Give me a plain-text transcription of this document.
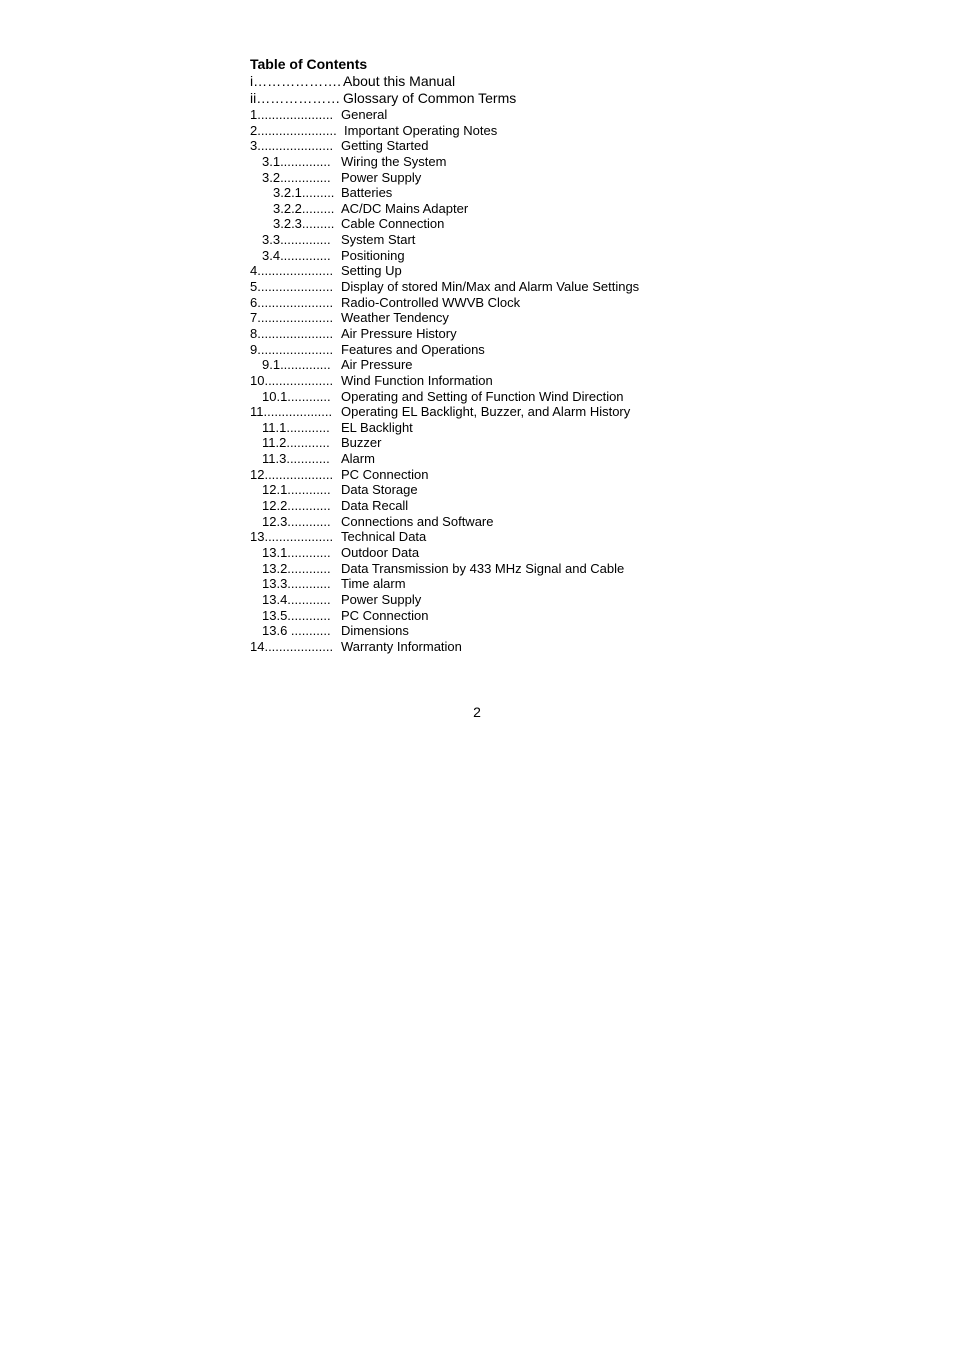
Table of Contents
i………………. About this Manual
ii……………… Glossary of Common Terms
1..................... General
2...................... Important Operating Notes
3..................... Getting Started
3.1.............. Wiring the System
3.2.............. Power Supply
3.2.1......... Batteries
3.2.2......... AC/DC Mains Adapter
3.2.3......... Cable Connection
3.3.............. System Start
3.4.............. Positioning
4..................... Setting Up
5..................... Display of stored Min/Max and Alarm Value Settings
6..................... Radio-Controlled WWVB Clock
7..................... Weather Tendency
8..................... Air Pressure History
9..................... Features and Operations
9.1.............. Air Pressure
10................... Wind Function Information
10.1............ Operating and Setting of Function Wind Direction
11................... Operating EL Backlight, Buzzer, and Alarm History
11.1............ EL Backlight
11.2............ Buzzer
11.3............ Alarm
12................... PC Connection
12.1............ Data Storage
12.2............ Data Recall
12.3............ Connections and Software
13................... Technical Data
13.1............ Outdoor Data
13.2............ Data Transmission by 433 MHz Signal and Cable
13.3............ Time alarm
13.4............ Power Supply
13.5............ PC Connection
13.6 ........... Dimensions
14................... Warranty Information
2
